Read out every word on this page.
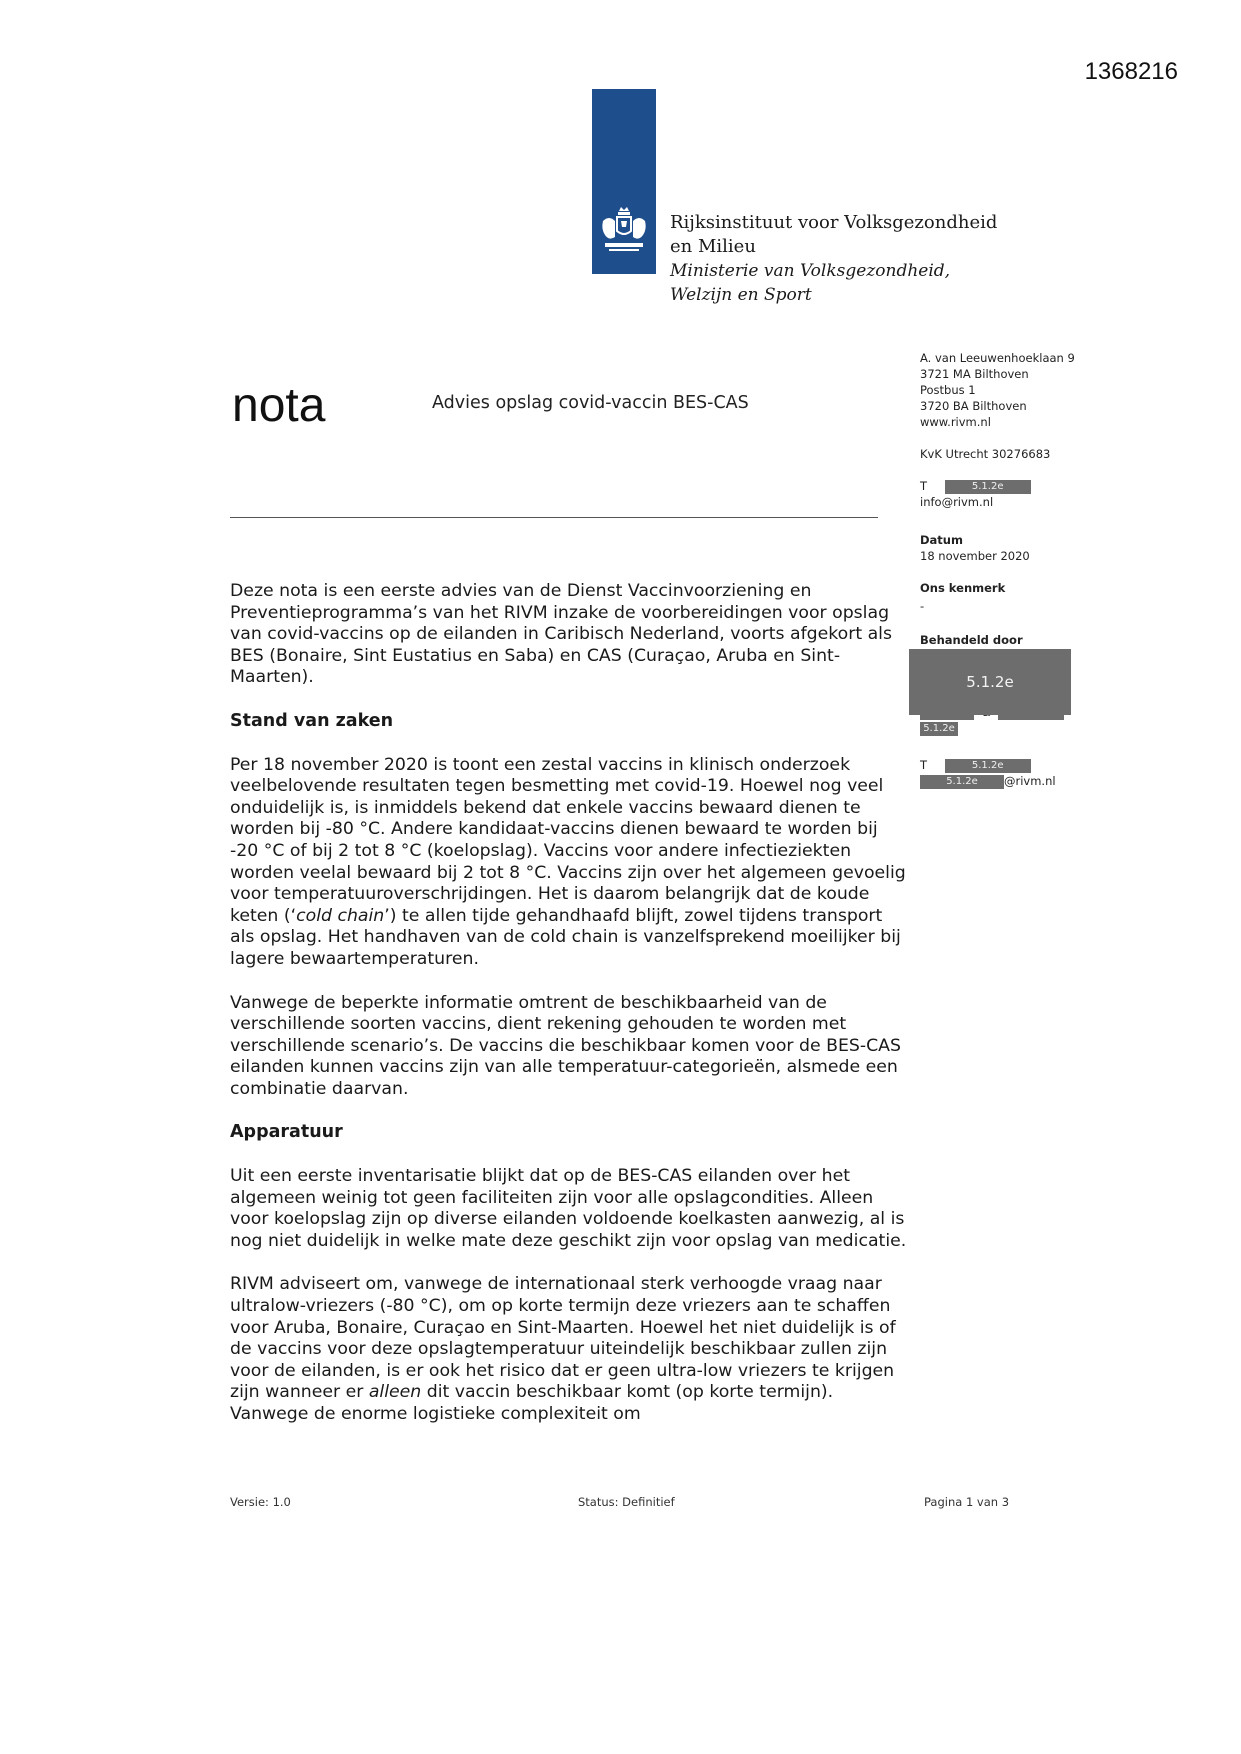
1368216
Rijksinstituut voor Volksgezondheid
en Milieu
Ministerie van Volksgezondheid,
Welzijn en Sport
nota	Advies opslag covid-vaccin BES-CAS
A. van Leeuwenhoeklaan 9
3721 MA Bilthoven
Postbus 1
3720 BA Bilthoven
www.rivm.nl
KvK Utrecht 30276683
T	5.1.2e
info@rivm.nl
Datum
18 november 2020
Ons kenmerk
-
Behandeld door

5.1.2e
T	5.1.2e
5.1.2e @rivm.nl
5.1.2e

Deze nota is een eerste advies van de Dienst Vaccinvoorziening en Preventieprogramma’s van het RIVM inzake de voorbereidingen voor opslag van covid-vaccins op de eilanden in Caribisch Nederland, voorts afgekort als BES (Bonaire, Sint Eustatius en Saba) en CAS (Curaçao, Aruba en Sint-Maarten).

Stand van zaken

Per 18 november 2020 is toont een zestal vaccins in klinisch onderzoek veelbelovende resultaten tegen besmetting met covid-19. Hoewel nog veel onduidelijk is, is inmiddels bekend dat enkele vaccins bewaard dienen te worden bij -80 °C. Andere kandidaat-vaccins dienen bewaard te worden bij -20 °C of bij 2 tot 8 °C (koelopslag). Vaccins voor andere infectieziekten worden veelal bewaard bij 2 tot 8 °C. Vaccins zijn over het algemeen gevoelig voor temperatuuroverschrijdingen. Het is daarom belangrijk dat de koude keten (‘cold chain’) te allen tijde gehandhaafd blijft, zowel tijdens transport als opslag. Het handhaven van de cold chain is vanzelfsprekend moeilijker bij lagere bewaartemperaturen.

Vanwege de beperkte informatie omtrent de beschikbaarheid van de verschillende soorten vaccins, dient rekening gehouden te worden met verschillende scenario’s. De vaccins die beschikbaar komen voor de BES-CAS eilanden kunnen vaccins zijn van alle temperatuur-categorieën, alsmede een combinatie daarvan.

Apparatuur

Uit een eerste inventarisatie blijkt dat op de BES-CAS eilanden over het algemeen weinig tot geen faciliteiten zijn voor alle opslagcondities. Alleen voor koelopslag zijn op diverse eilanden voldoende koelkasten aanwezig, al is nog niet duidelijk in welke mate deze geschikt zijn voor opslag van medicatie.

RIVM adviseert om, vanwege de internationaal sterk verhoogde vraag naar ultralow-vriezers (-80 °C), om op korte termijn deze vriezers aan te schaffen voor Aruba, Bonaire, Curaçao en Sint-Maarten. Hoewel het niet duidelijk is of de vaccins voor deze opslagtemperatuur uiteindelijk beschikbaar zullen zijn voor de eilanden, is er ook het risico dat er geen ultra-low vriezers te krijgen zijn wanneer er alleen dit vaccin beschikbaar komt (op korte termijn). Vanwege de enorme logistieke complexiteit om

Versie: 1.0	Status: Definitief	Pagina 1 van 3
